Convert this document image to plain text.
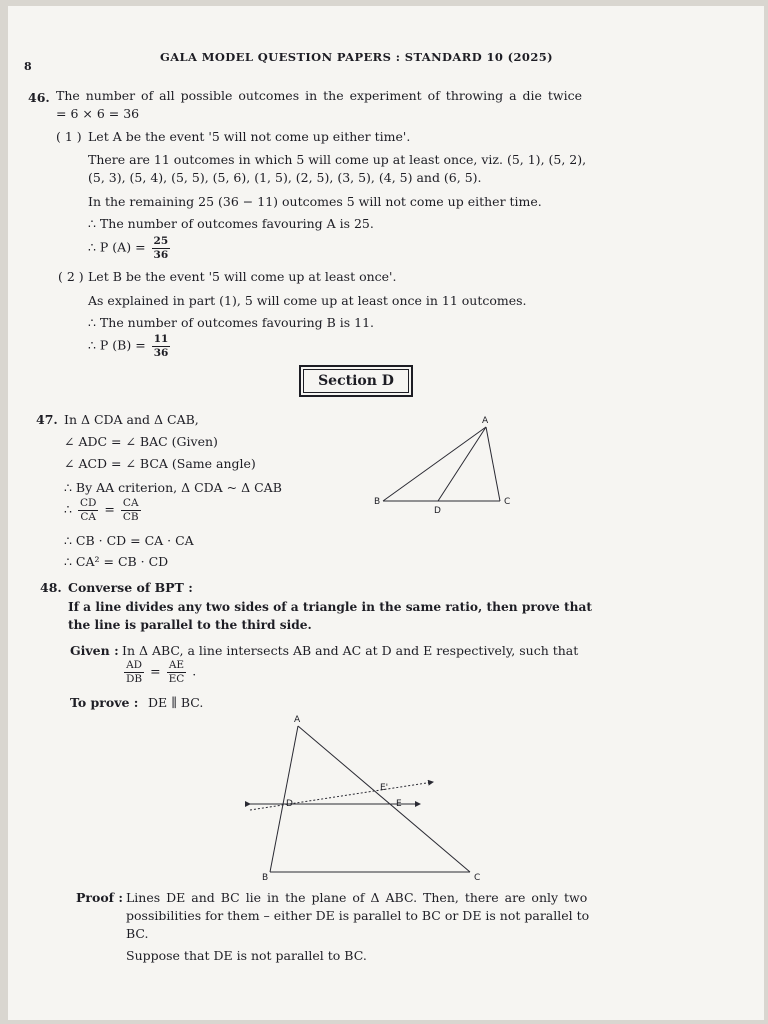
8
GALA MODEL QUESTION PAPERS : STANDARD 10 (2025)
46. The number of all possible outcomes in the experiment of throwing a die twice
= 6 × 6 = 36
( 1 ) Let A be the event '5 will not come up either time'.
There are 11 outcomes in which 5 will come up at least once, viz. (5, 1), (5, 2),
(5, 3), (5, 4), (5, 5), (5, 6), (1, 5), (2, 5), (3, 5), (4, 5) and (6, 5).
In the remaining 25 (36 − 11) outcomes 5 will not come up either time.
∴ The number of outcomes favouring A is 25.
∴ P $(A) = \frac{25}{36}$
( 2 ) Let B be the event '5 will come up at least once'.
As explained in part (1), 5 will come up at least once in 11 outcomes.
∴ The number of outcomes favouring B is 11.
∴ P $(B) = \frac{11}{36}$
Section D
47. In Δ CDA and Δ CAB,
∠ ADC = ∠ BAC (Given)
∠ ACD = ∠ BCA (Same angle)
∴ By AA criterion, Δ CDA ~ Δ CAB
∴ $\frac{CD}{CA} = \frac{CA}{CB}$
∴ CB · CD = CA · CA
∴ CA² = CB · CD
A
B	C
D
48. Converse of BPT :
If a line divides any two sides of a triangle in the same ratio, then prove that
the line is parallel to the third side.
Given : In Δ ABC, a line intersects AB and AC at D and E respectively, such that
$\frac{AD}{DB} = \frac{AE}{EC}$ .
To prove : DE ∥ BC.
A
B	C
D	E
E'
Proof : Lines DE and BC lie in the plane of Δ ABC. Then, there are only two
possibilities for them – either DE is parallel to BC or DE is not parallel to
BC.
Suppose that DE is not parallel to BC.
